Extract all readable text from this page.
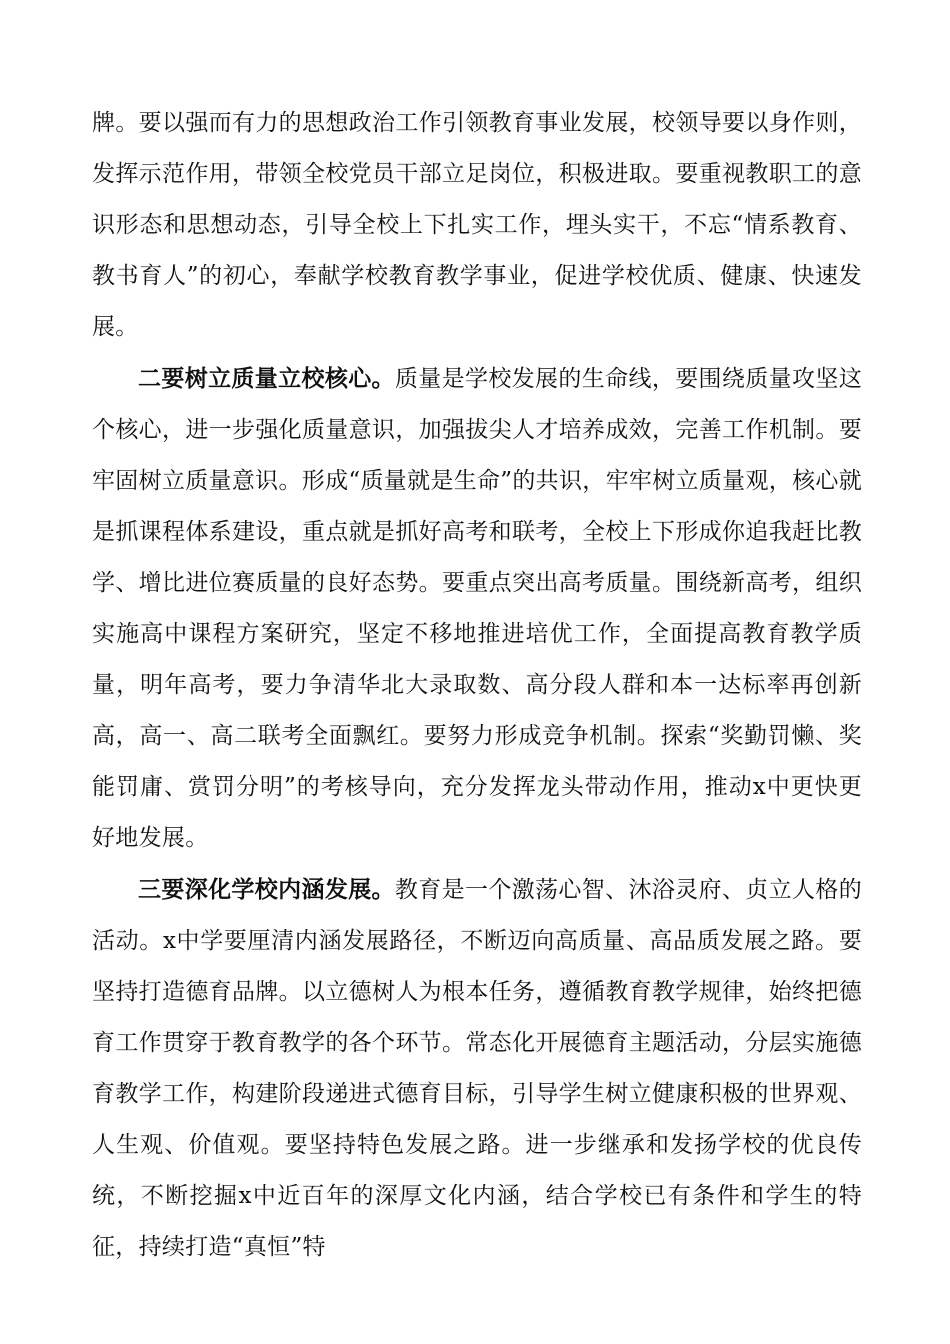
牌。要以强而有力的思想政治工作引领教育事业发展，校领导要以身作则，发挥示范作用，带领全校党员干部立足岗位，积极进取。要重视教职工的意识形态和思想动态，引导全校上下扎实工作，埋头实干，不忘“情系教育、教书育人”的初心，奉献学校教育教学事业，促进学校优质、健康、快速发展。

二要树立质量立校核心。质量是学校发展的生命线，要围绕质量攻坚这个核心，进一步强化质量意识，加强拔尖人才培养成效，完善工作机制。要牢固树立质量意识。形成“质量就是生命”的共识，牢牢树立质量观，核心就是抓课程体系建设，重点就是抓好高考和联考，全校上下形成你追我赶比教学、增比进位赛质量的良好态势。要重点突出高考质量。围绕新高考，组织实施高中课程方案研究，坚定不移地推进培优工作，全面提高教育教学质量，明年高考，要力争清华北大录取数、高分段人群和本一达标率再创新高，高一、高二联考全面飘红。要努力形成竞争机制。探索“奖勤罚懒、奖能罚庸、赏罚分明”的考核导向，充分发挥龙头带动作用，推动x中更快更好地发展。

三要深化学校内涵发展。教育是一个激荡心智、沐浴灵府、贞立人格的活动。x中学要厘清内涵发展路径，不断迈向高质量、高品质发展之路。要坚持打造德育品牌。以立德树人为根本任务，遵循教育教学规律，始终把德育工作贯穿于教育教学的各个环节。常态化开展德育主题活动，分层实施德育教学工作，构建阶段递进式德育目标，引导学生树立健康积极的世界观、人生观、价值观。要坚持特色发展之路。进一步继承和发扬学校的优良传统，不断挖掘x中近百年的深厚文化内涵，结合学校已有条件和学生的特征，持续打造“真恒”特
